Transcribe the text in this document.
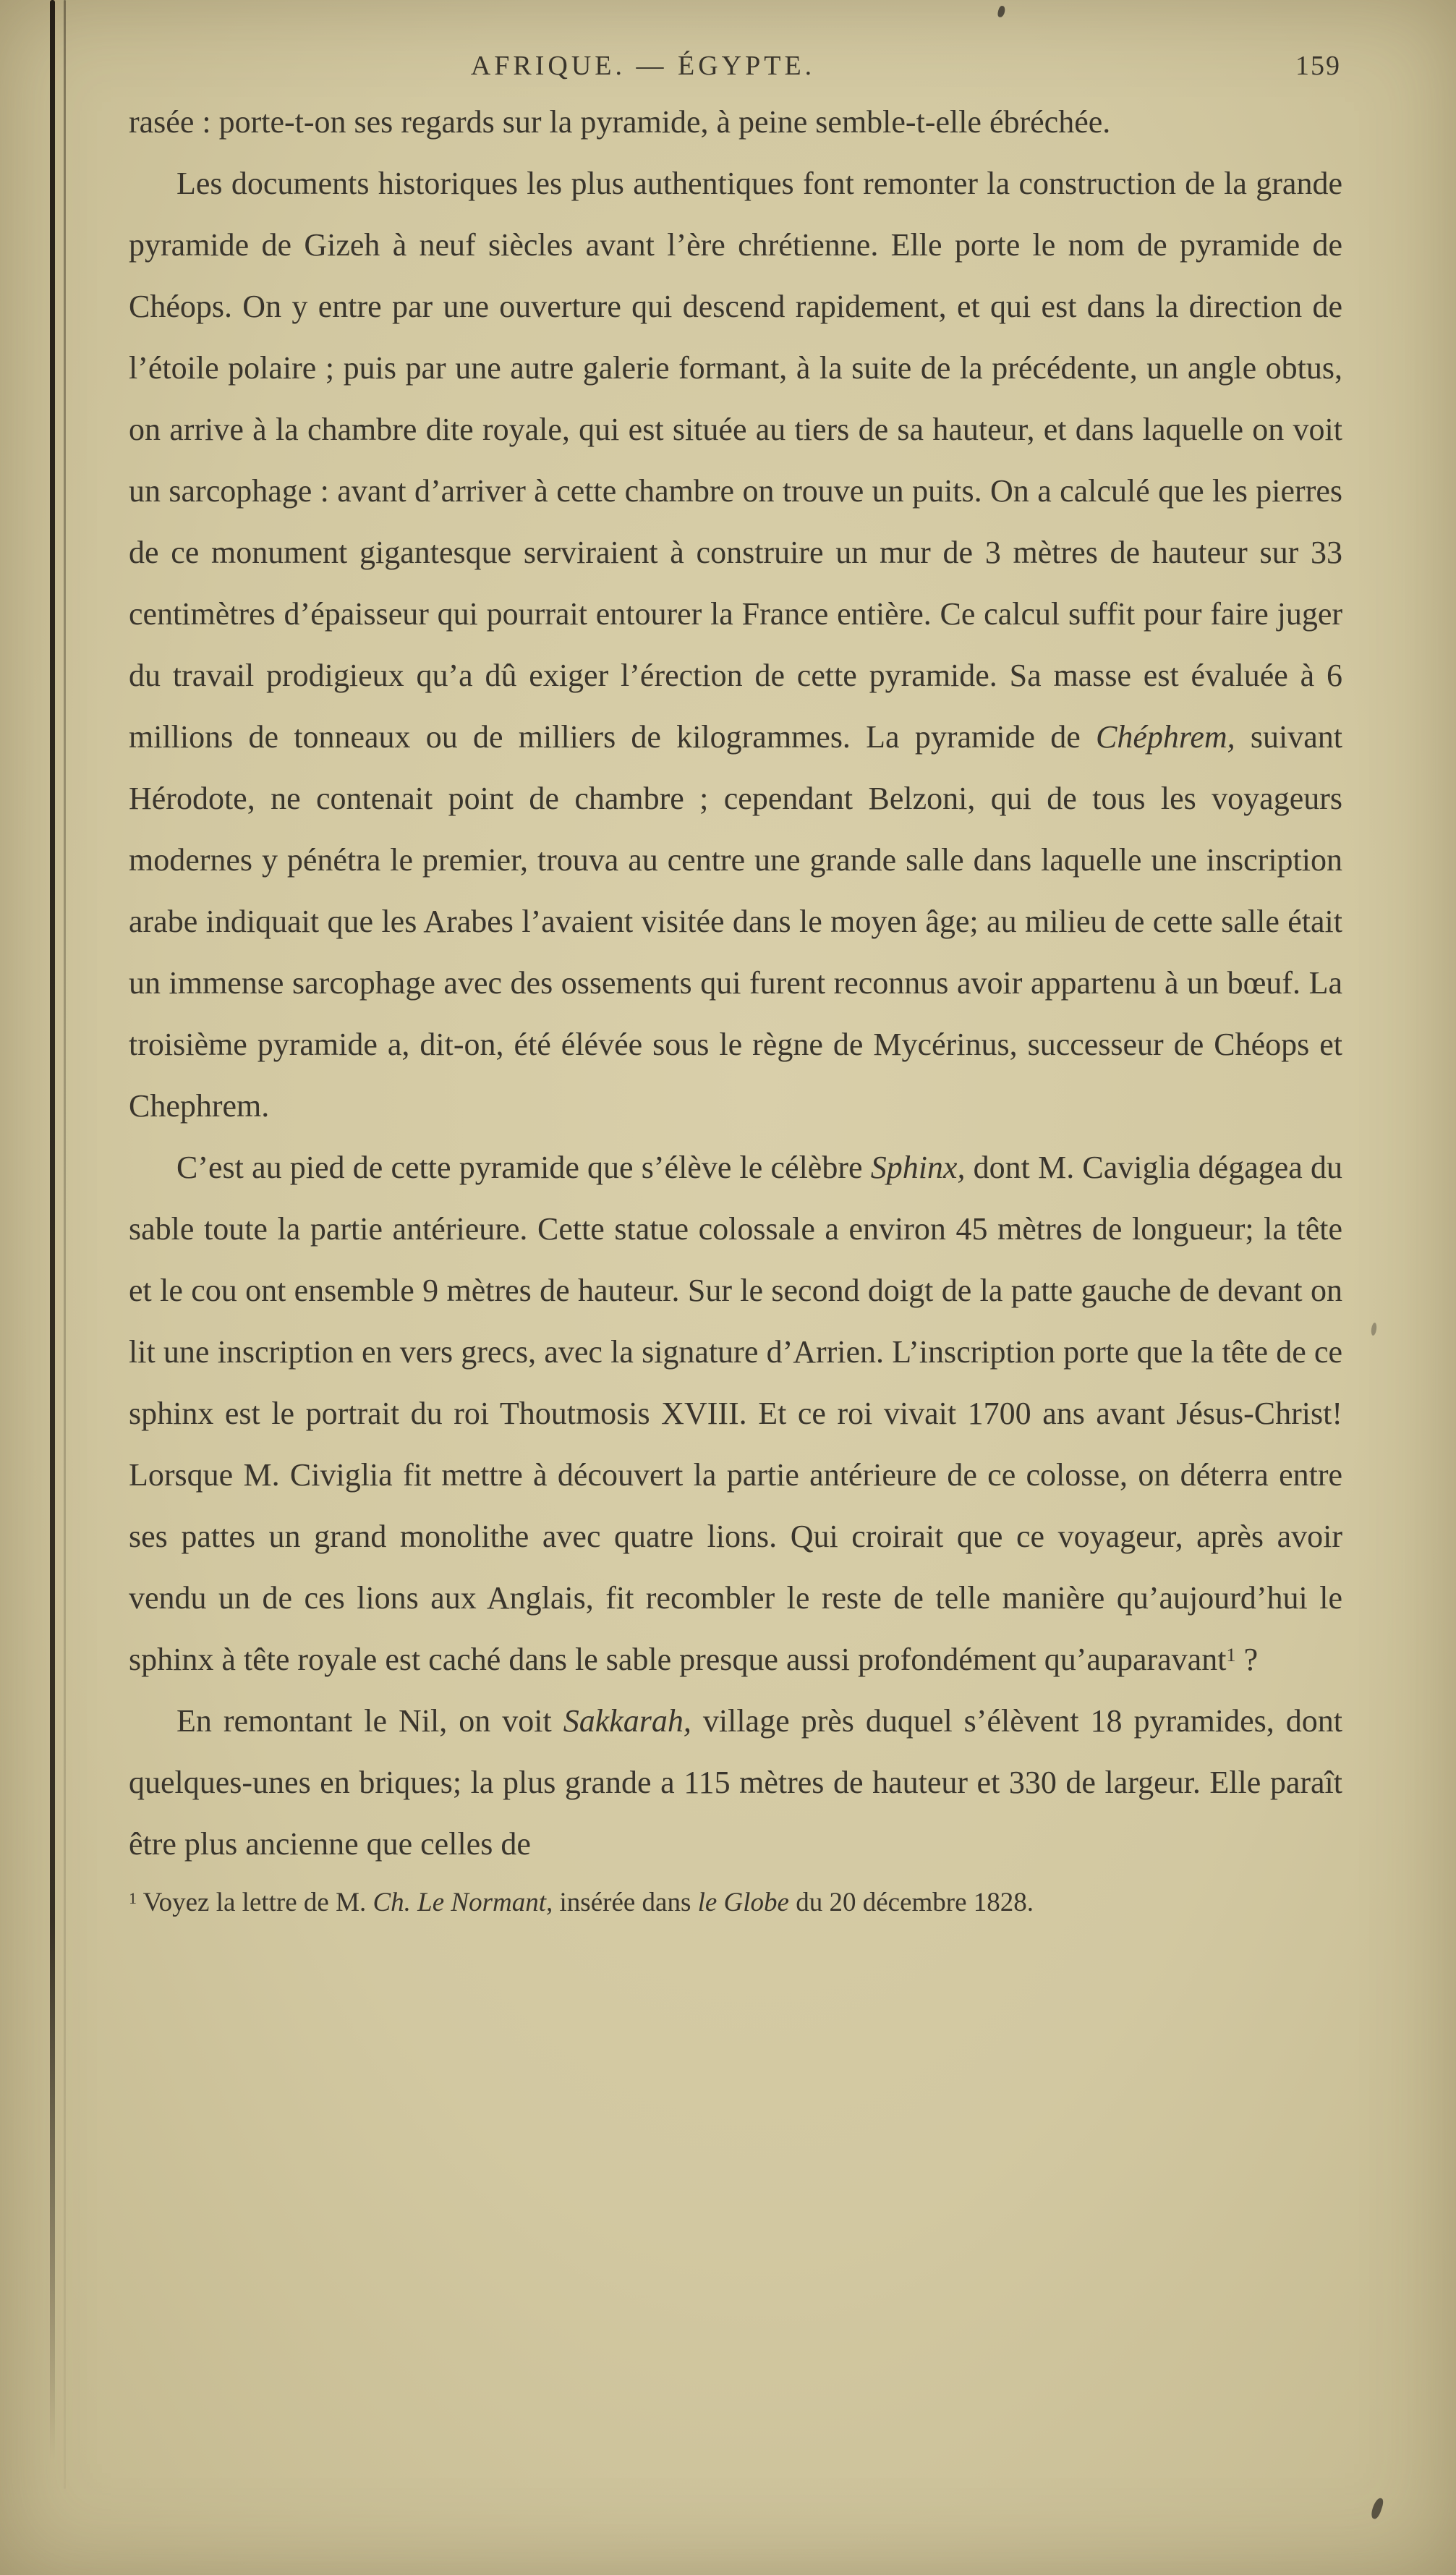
AFRIQUE. — ÉGYPTE.	159

rasée : porte-t-on ses regards sur la pyramide, à peine semble-t-elle ébréchée.

Les documents historiques les plus authentiques font remonter la construction de la grande pyramide de Gizeh à neuf siècles avant l’ère chrétienne. Elle porte le nom de pyramide de Chéops. On y entre par une ouverture qui descend rapidement, et qui est dans la direction de l’étoile polaire ; puis par une autre galerie formant, à la suite de la précédente, un angle obtus, on arrive à la chambre dite royale, qui est située au tiers de sa hauteur, et dans laquelle on voit un sarcophage : avant d’arriver à cette chambre on trouve un puits. On a calculé que les pierres de ce monument gigantesque serviraient à construire un mur de 3 mètres de hauteur sur 33 centimètres d’épaisseur qui pourrait entourer la France entière. Ce calcul suffit pour faire juger du travail prodigieux qu’a dû exiger l’érection de cette pyramide. Sa masse est évaluée à 6 millions de tonneaux ou de milliers de kilogrammes. La pyramide de Chéphrem, suivant Hérodote, ne contenait point de chambre ; cependant Belzoni, qui de tous les voyageurs modernes y pénétra le premier, trouva au centre une grande salle dans laquelle une inscription arabe indiquait que les Arabes l’avaient visitée dans le moyen âge; au milieu de cette salle était un immense sarcophage avec des ossements qui furent reconnus avoir appartenu à un bœuf. La troisième pyramide a, dit-on, été élévée sous le règne de Mycérinus, successeur de Chéops et Chephrem.

C’est au pied de cette pyramide que s’élève le célèbre Sphinx, dont M. Caviglia dégagea du sable toute la partie antérieure. Cette statue colossale a environ 45 mètres de longueur; la tête et le cou ont ensemble 9 mètres de hauteur. Sur le second doigt de la patte gauche de devant on lit une inscription en vers grecs, avec la signature d’Arrien. L’inscription porte que la tête de ce sphinx est le portrait du roi Thoutmosis XVIII. Et ce roi vivait 1700 ans avant Jésus-Christ! Lorsque M. Civiglia fit mettre à découvert la partie antérieure de ce colosse, on déterra entre ses pattes un grand monolithe avec quatre lions. Qui croirait que ce voyageur, après avoir vendu un de ces lions aux Anglais, fit recombler le reste de telle manière qu’aujourd’hui le sphinx à tête royale est caché dans le sable presque aussi profondément qu’auparavant$^1$ ?

En remontant le Nil, on voit Sakkarah, village près duquel s’élèvent 18 pyramides, dont quelques-unes en briques; la plus grande a 115 mètres de hauteur et 330 de largeur. Elle paraît être plus ancienne que celles de

$^1$ Voyez la lettre de M. Ch. Le Normant, insérée dans le Globe du 20 décembre 1828.
